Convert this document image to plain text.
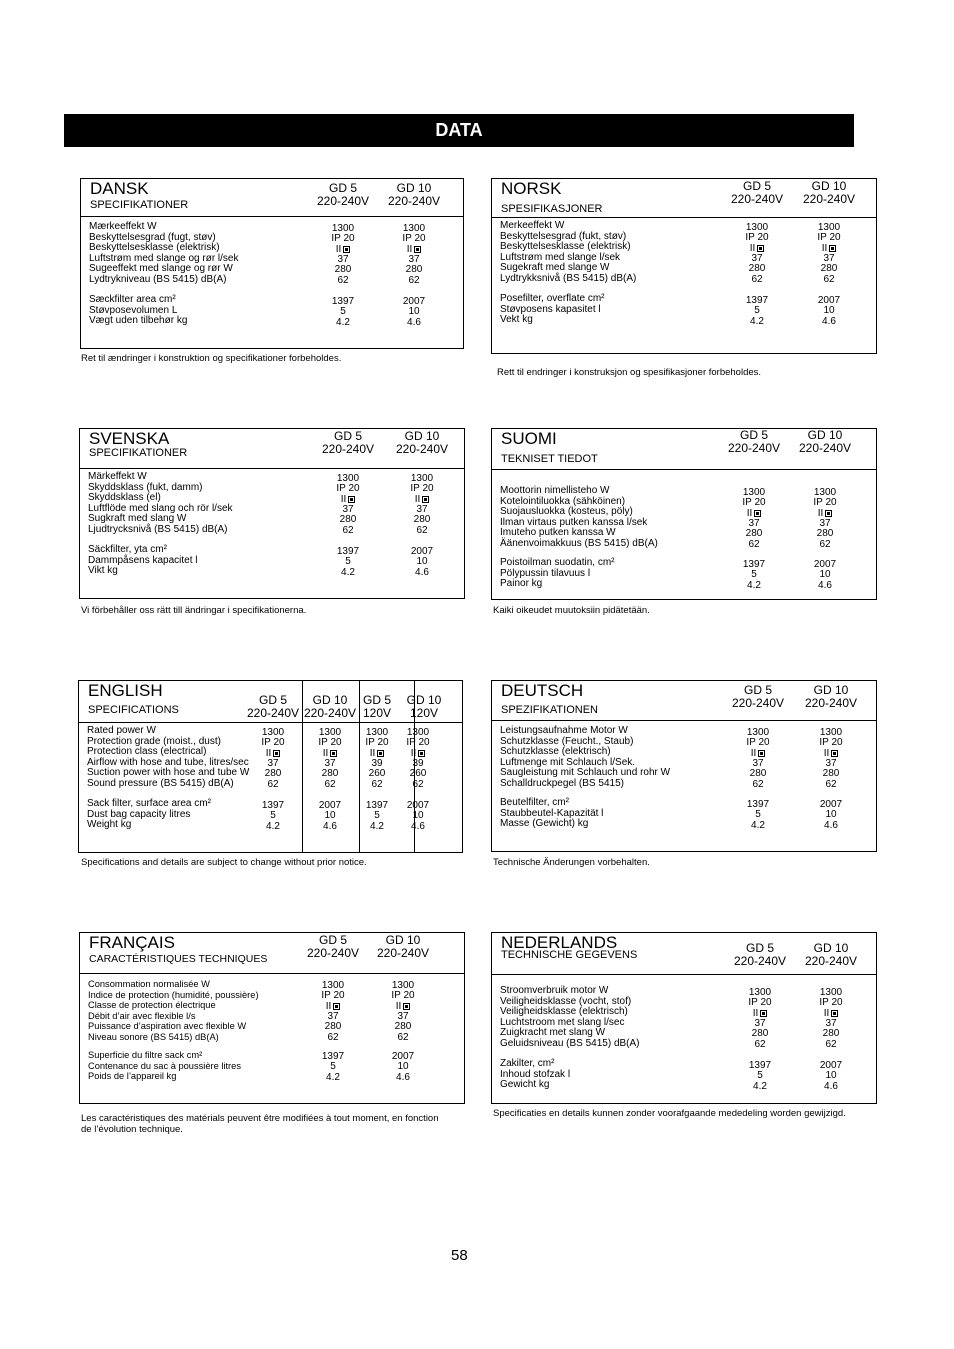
DATA
DANSK
SPECIFIKATIONER
GD 5
220-240V
GD 10
220-240V
Mærkeeffekt W
Beskyttelsesgrad (fugt, støv)
Beskyttelsesklasse (elektrisk)
Luftstrøm med slange og rør l/sek
Sugeeffekt med slange og rør W
Lydtrykniveau (BS 5415) dB(A)
Sæckfilter area cm²
Støvposevolumen L
Vægt uden tilbehør kg
1300
IP 20
II
37
280
62
1300
IP 20
II
37
280
62
1397
5
4.2
2007
10
4.6
Ret til ændringer i konstruktion og specifikationer forbeholdes.
NORSK
SPESIFIKASJONER
GD 5
220-240V
GD 10
220-240V
Merkeeffekt W
Beskyttelsesgrad (fukt, støv)
Beskyttelsesklasse (elektrisk)
Luftstrøm med slange l/sek
Sugekraft med slange W
Lydtrykksnivå (BS 5415) dB(A)
Posefilter, overflate cm²
Støvposens kapasitet l
Vekt kg
1300
IP 20
II
37
280
62
1300
IP 20
II
37
280
62
1397
5
4.2
2007
10
4.6
Rett til endringer i konstruksjon og spesifikasjoner forbeholdes.
SVENSKA
SPECIFIKATIONER
GD 5
220-240V
GD 10
220-240V
Märkeffekt W
Skyddsklass (fukt, damm)
Skyddsklass (el)
Luftflöde med slang och rör l/sek
Sugkraft med slang W
Ljudtrycksnivå (BS 5415) dB(A)
Säckfilter, yta cm²
Dammpåsens kapacitet l
Vikt kg
1300
IP 20
II
37
280
62
1300
IP 20
II
37
280
62
1397
5
4.2
2007
10
4.6
Vi förbehåller oss rätt till ändringar i specifikationerna.
SUOMI
TEKNISET TIEDOT
GD 5
220-240V
GD 10
220-240V
Moottorin nimellisteho W
Kotelointiluokka (sähköinen)
Suojausluokka (kosteus, pöly)
Ilman virtaus putken kanssa l/sek
Imuteho putken kanssa W
Äänenvoimakkuus (BS 5415) dB(A)
Poistoilman suodatin, cm²
Pölypussin tilavuus l
Painor kg
1300
IP 20
II
37
280
62
1300
IP 20
II
37
280
62
1397
5
4.2
2007
10
4.6
Kaiki oikeudet muutoksiin pidätetään.
ENGLISH
SPECIFICATIONS
GD 5
220-240V
GD 10
220-240V
GD 5
120V
GD 10
120V
Rated power W
Protection grade (moist., dust)
Protection class (electrical)
Airflow with hose and tube, litres/sec
Suction power with hose and tube W
Sound pressure (BS 5415) dB(A)
Sack filter, surface area cm²
Dust bag capacity litres
Weight kg
1300
IP 20
II
37
280
62
1300
IP 20
II
37
280
62
1300
IP 20
II
39
260
62
1300
IP 20
II
39
260
62
1397
5
4.2
2007
10
4.6
1397
5
4.2
2007
10
4.6
Specifications and details are subject to change without prior notice.
DEUTSCH
SPEZIFIKATIONEN
GD 5
220-240V
GD 10
220-240V
Leistungsaufnahme Motor W
Schutzklasse (Feucht., Staub)
Schutzklasse (elektrisch)
Luftmenge mit Schlauch l/Sek.
Saugleistung mit Schlauch und rohr W
Schalldruckpegel (BS 5415)
Beutelfilter, cm²
Staubbeutel-Kapazität l
Masse (Gewicht) kg
1300
IP 20
II
37
280
62
1300
IP 20
II
37
280
62
1397
5
4.2
2007
10
4.6
Technische Änderungen vorbehalten.
FRANÇAIS
CARACTÉRISTIQUES TECHNIQUES
GD 5
220-240V
GD 10
220-240V
Consommation normalisée W
Indice de protection (humidité, poussière)
Classe de protection électrique
Débit d’air avec flexible l/s
Puissance d’aspiration avec flexible W
Niveau sonore (BS 5415) dB(A)
Superficie du filtre sack cm²
Contenance du sac à poussière litres
Poids de l’appareil kg
1300
IP 20
II
37
280
62
1300
IP 20
II
37
280
62
1397
5
4.2
2007
10
4.6
Les caractéristiques des matérials peuvent être modifiées à tout moment, en fonction de l’évolution technique.
NEDERLANDS
TECHNISCHE GEGEVENS	GD 5
220-240V
GD 10
220-240V
Stroomverbruik motor W
Veiligheidsklasse (vocht, stof)
Veiligheidsklasse (elektrisch)
Luchtstroom met slang l/sec
Zuigkracht met slang W
Geluidsniveau (BS 5415) dB(A)
Zakilter, cm²
Inhoud stofzak l
Gewicht kg
1300
IP 20
II
37
280
62
1300
IP 20
II
37
280
62
1397
5
4.2
2007
10
4.6
Specificaties en details kunnen zonder voorafgaande mededeling worden gewijzigd.
58
